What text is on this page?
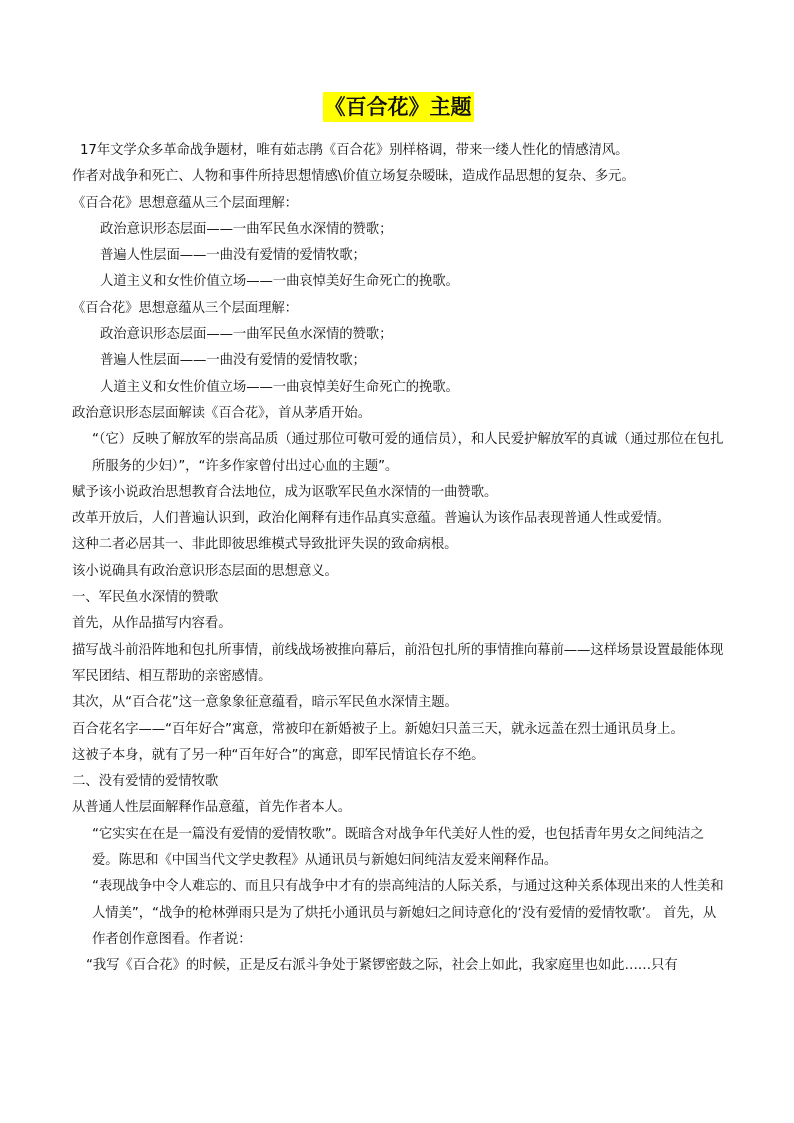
《百合花》主题

17年文学众多革命战争题材，唯有茹志鹃《百合花》别样格调，带来一缕人性化的情感清风。

作者对战争和死亡、人物和事件所持思想情感\价值立场复杂暧昧，造成作品思想的复杂、多元。

《百合花》思想意蕴从三个层面理解：

政治意识形态层面——一曲军民鱼水深情的赞歌；

普遍人性层面——一曲没有爱情的爱情牧歌；

人道主义和女性价值立场——一曲哀悼美好生命死亡的挽歌。

《百合花》思想意蕴从三个层面理解：

政治意识形态层面——一曲军民鱼水深情的赞歌；

普遍人性层面——一曲没有爱情的爱情牧歌；

人道主义和女性价值立场——一曲哀悼美好生命死亡的挽歌。

政治意识形态层面解读《百合花》，首从茅盾开始。

“（它）反映了解放军的崇高品质（通过那位可敬可爱的通信员），和人民爱护解放军的真诚（通过那位在包扎所服务的少妇）”，“许多作家曾付出过心血的主题”。

赋予该小说政治思想教育合法地位，成为讴歌军民鱼水深情的一曲赞歌。

改革开放后，人们普遍认识到，政治化阐释有违作品真实意蕴。普遍认为该作品表现普通人性或爱情。

这种二者必居其一、非此即彼思维模式导致批评失误的致命病根。

该小说确具有政治意识形态层面的思想意义。

一、军民鱼水深情的赞歌

首先，从作品描写内容看。

描写战斗前沿阵地和包扎所事情，前线战场被推向幕后，前沿包扎所的事情推向幕前——这样场景设置最能体现军民团结、相互帮助的亲密感情。

其次，从“百合花”这一意象象征意蕴看，暗示军民鱼水深情主题。

百合花名字——“百年好合”寓意，常被印在新婚被子上。新媳妇只盖三天，就永远盖在烈士通讯员身上。

这被子本身，就有了另一种“百年好合”的寓意，即军民情谊长存不绝。

二、没有爱情的爱情牧歌

从普通人性层面解释作品意蕴，首先作者本人。

“它实实在在是一篇没有爱情的爱情牧歌”。既暗含对战争年代美好人性的爱，也包括青年男女之间纯洁之爱。陈思和《中国当代文学史教程》从通讯员与新媳妇间纯洁友爱来阐释作品。

“表现战争中令人难忘的、而且只有战争中才有的崇高纯洁的人际关系，与通过这种关系体现出来的人性美和人情美”，“战争的枪林弹雨只是为了烘托小通讯员与新媳妇之间诗意化的‘没有爱情的爱情牧歌’。 首先，从作者创作意图看。作者说：

“我写《百合花》的时候，正是反右派斗争处于紧锣密鼓之际，社会上如此，我家庭里也如此……只有
